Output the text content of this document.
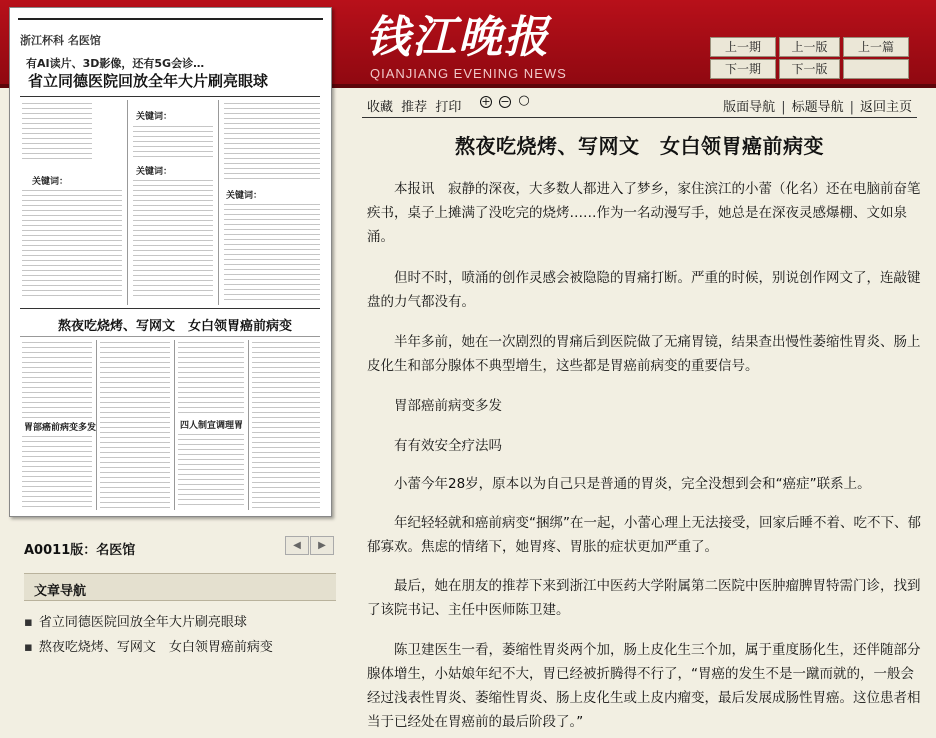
钱江晚报
QIANJIANG EVENING NEWS
上一期	上一版	上一篇
下一期	下一版
浙江杯科 名医馆
有AI读片、3D影像，还有5G会诊…
省立同德医院回放全年大片刷亮眼球
关键词：
关键词：
关键词：
关键词：
熬夜吃烧烤、写网文　女白领胃癌前病变
胃部癌前病变多发	四人制宣调理胃
A0011版：名医馆	◀	▶
文章导航
▪ 省立同德医院回放全年大片刷亮眼球
▪ 熬夜吃烧烤、写网文　女白领胃癌前病变
收藏 推荐 打印	+ − ○	版面导航 | 标题导航 | 返回主页
熬夜吃烧烤、写网文　女白领胃癌前病变

本报讯　寂静的深夜，大多数人都进入了梦乡，家住滨江的小蕾（化名）还在电脑前奋笔疾书，桌子上摊满了没吃完的烧烤……作为一名动漫写手，她总是在深夜灵感爆棚、文如泉涌。

但时不时，喷涌的创作灵感会被隐隐的胃痛打断。严重的时候，别说创作网文了，连敲键盘的力气都没有。

半年多前，她在一次剧烈的胃痛后到医院做了无痛胃镜，结果查出慢性萎缩性胃炎、肠上皮化生和部分腺体不典型增生，这些都是胃癌前病变的重要信号。

胃部癌前病变多发

有有效安全疗法吗

小蕾今年28岁，原本以为自己只是普通的胃炎，完全没想到会和“癌症”联系上。

年纪轻轻就和癌前病变“捆绑”在一起，小蕾心理上无法接受，回家后睡不着、吃不下、郁郁寡欢。焦虑的情绪下，她胃疼、胃胀的症状更加严重了。

最后，她在朋友的推荐下来到浙江中医药大学附属第二医院中医肿瘤脾胃特需门诊，找到了该院书记、主任中医师陈卫建。

陈卫建医生一看，萎缩性胃炎两个加，肠上皮化生三个加，属于重度肠化生，还伴随部分腺体增生，小姑娘年纪不大，胃已经被折腾得不行了，“胃癌的发生不是一蹴而就的，一般会经过浅表性胃炎、萎缩性胃炎、肠上皮化生或上皮内瘤变，最后发展成肠性胃癌。这位患者相当于已经处在胃癌前的最后阶段了。”
